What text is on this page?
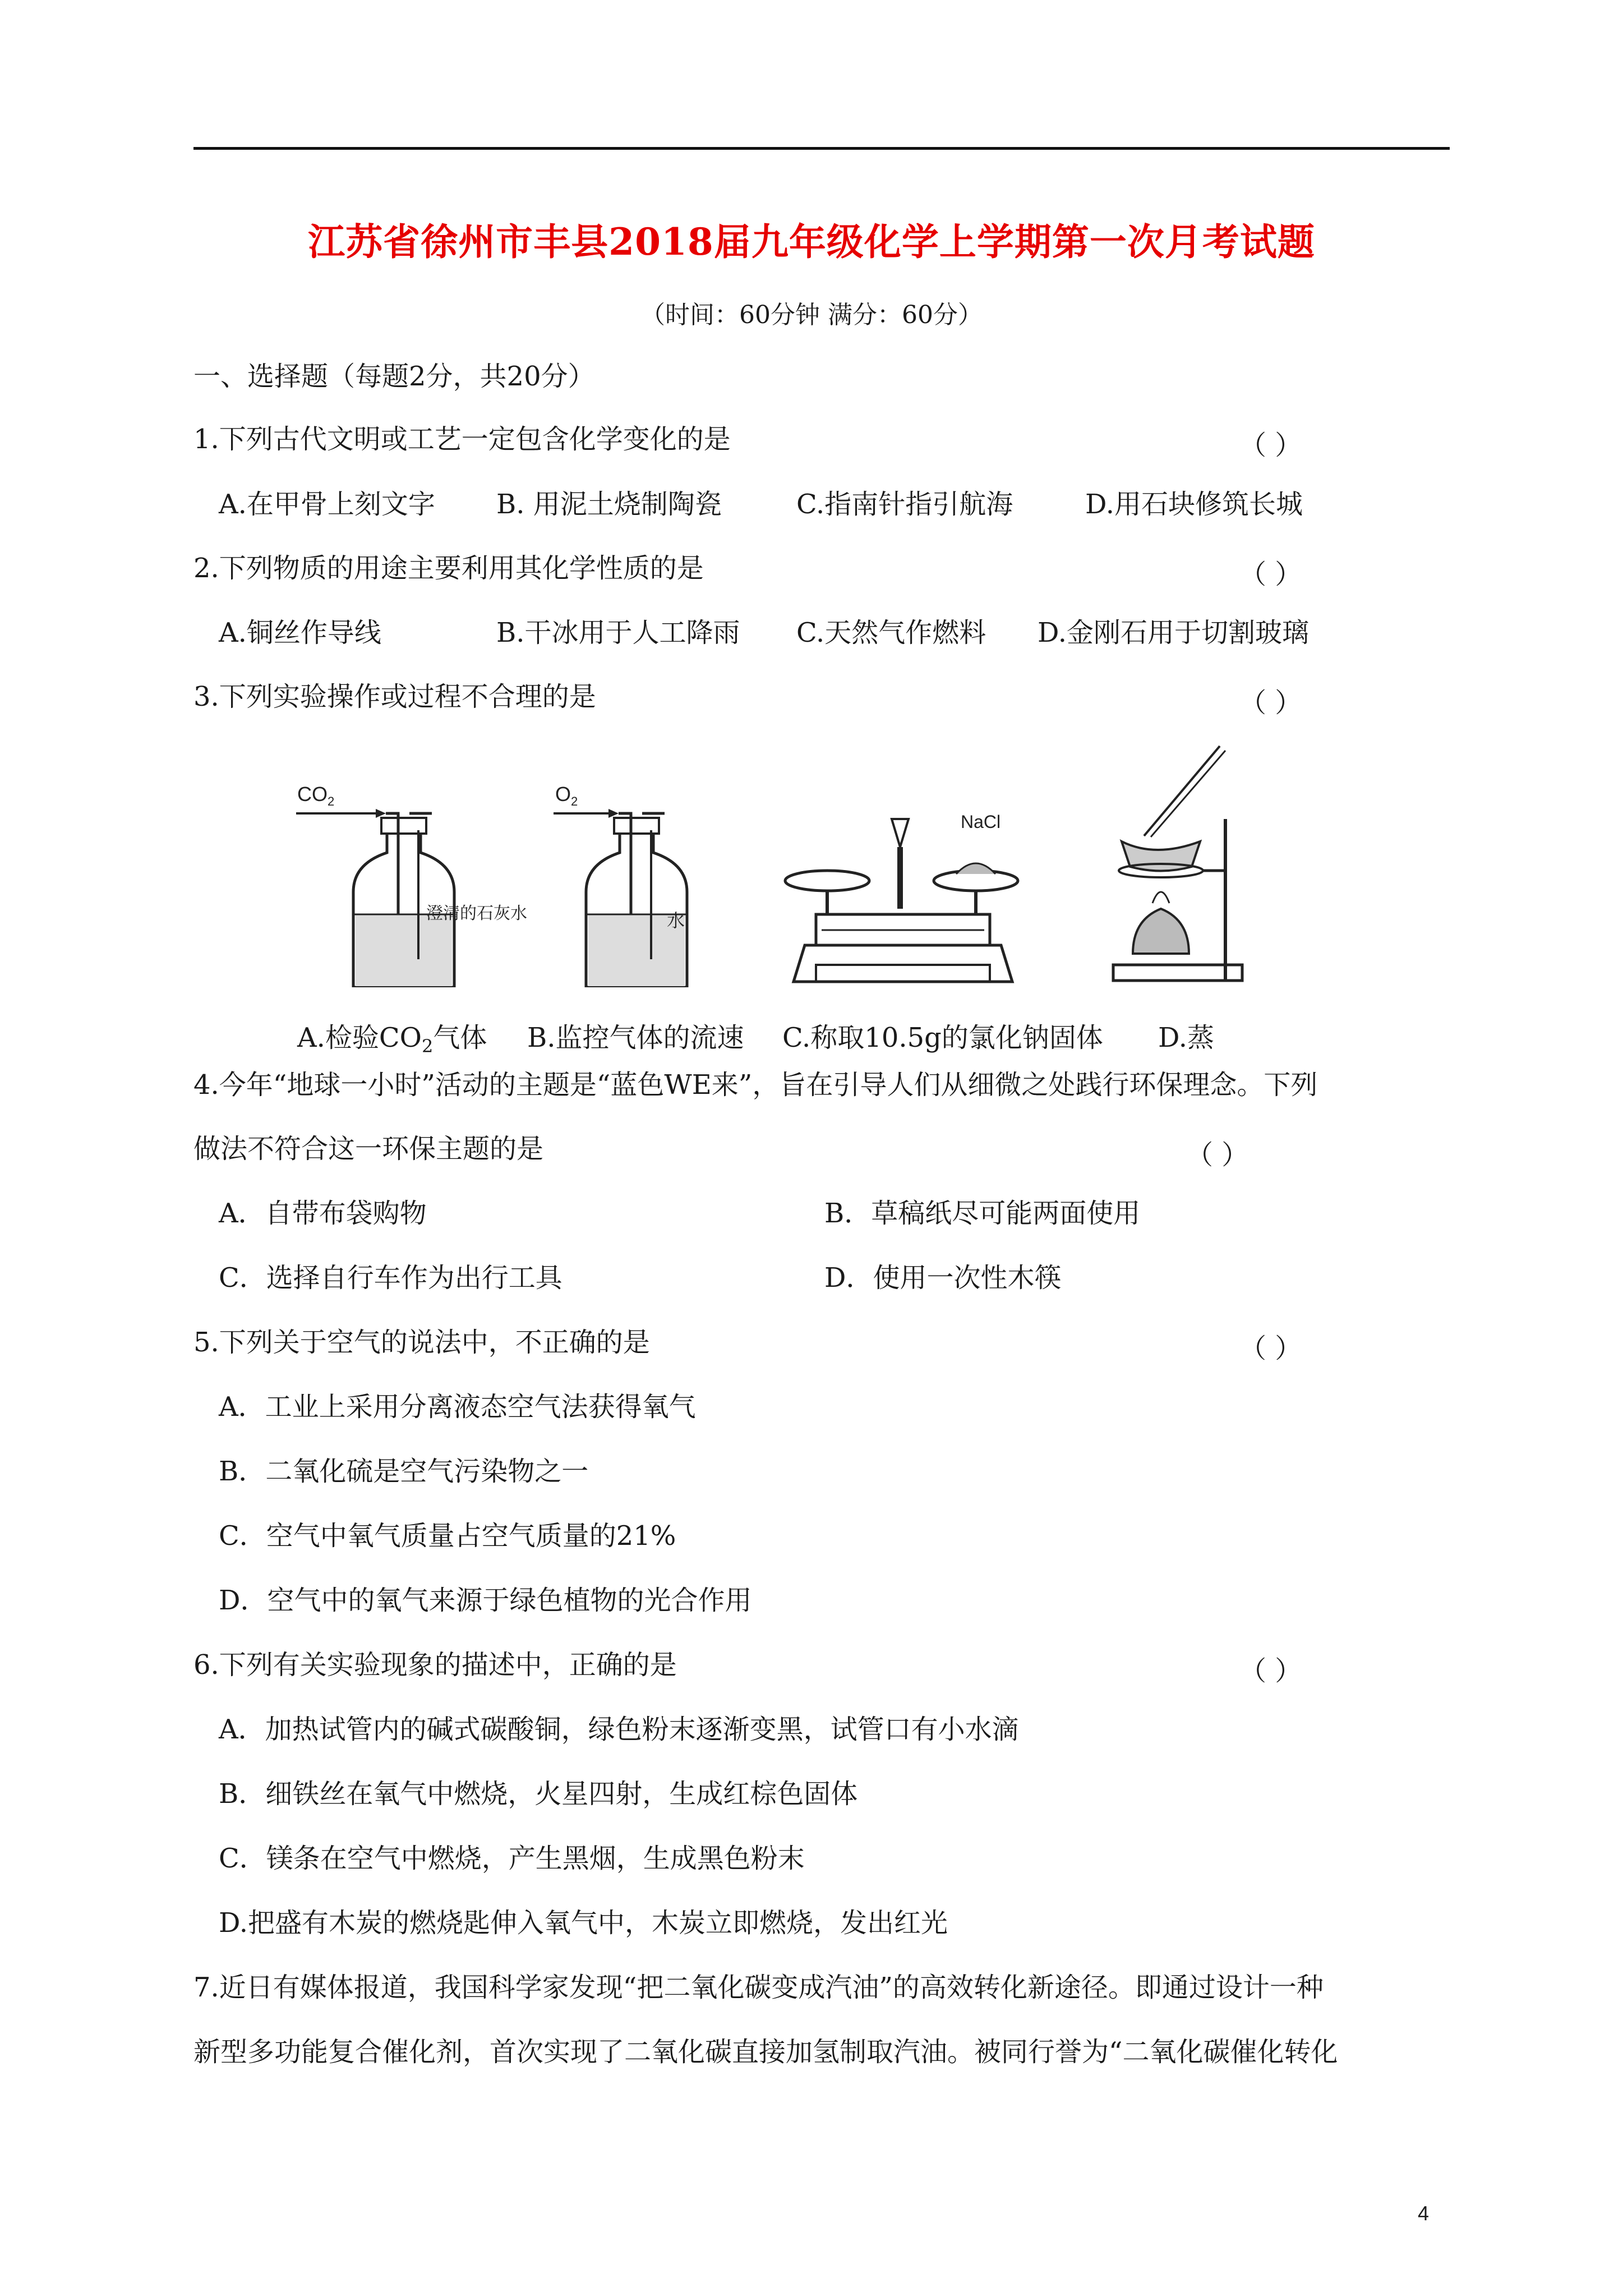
江苏省徐州市丰县2018届九年级化学上学期第一次月考试题
（时间：60分钟 满分：60分）
一、选择题（每题2分，共20分）
1.下列古代文明或工艺一定包含化学变化的是	（ ）
A.在甲骨上刻文字 B. 用泥土烧制陶瓷	C.指南针指引航海	D.用石块修筑长城
2.下列物质的用途主要利用其化学性质的是	（ ）
A.铜丝作导线	B.干冰用于人工降雨 C.天然气作燃料 D.金刚石用于切割玻璃
3.下列实验操作或过程不合理的是	（ ）
$CO_2$
澄清的石灰水
$O_2$
水
NaCl
A.检验$CO_2$气体 B.监控气体的流速 C.称取10.5g的氯化钠固体 D.蒸
4.今年“地球一小时”活动的主题是“蓝色WE来”，旨在引导人们从细微之处践行环保理念。下列
做法不符合这一环保主题的是	（ ）
A．自带布袋购物	B．草稿纸尽可能两面使用
C．选择自行车作为出行工具	D．使用一次性木筷
5.下列关于空气的说法中，不正确的是	（ ）
A．工业上采用分离液态空气法获得氧气
B．二氧化硫是空气污染物之一
C．空气中氧气质量占空气质量的21%
D．空气中的氧气来源于绿色植物的光合作用
6.下列有关实验现象的描述中，正确的是	（ ）
A．加热试管内的碱式碳酸铜，绿色粉末逐渐变黑，试管口有小水滴
B．细铁丝在氧气中燃烧，火星四射，生成红棕色固体
C．镁条在空气中燃烧，产生黑烟，生成黑色粉末
D.把盛有木炭的燃烧匙伸入氧气中，木炭立即燃烧，发出红光
7.近日有媒体报道，我国科学家发现“把二氧化碳变成汽油”的高效转化新途径。即通过设计一种
新型多功能复合催化剂，首次实现了二氧化碳直接加氢制取汽油。被同行誉为“二氧化碳催化转化
4
